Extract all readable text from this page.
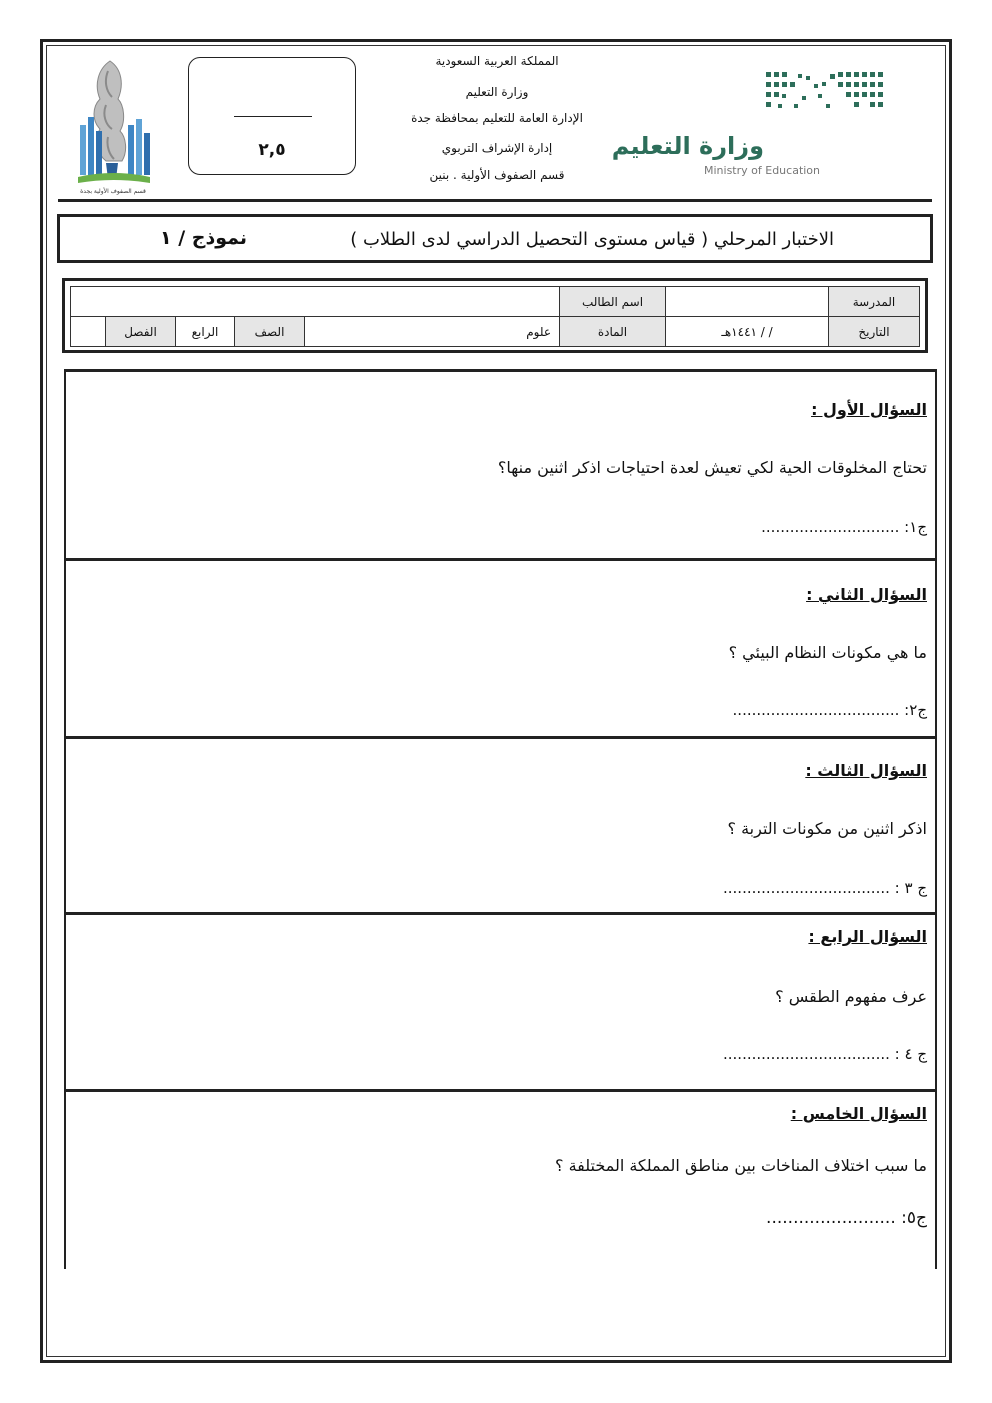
قسم الصفوف الأولية بجدة
٢,٥
المملكة العربية السعودية
وزارة التعليم
الإدارة العامة للتعليم بمحافظة جدة
إدارة الإشراف التربوي
قسم الصفوف الأولية . بنين
وزارة التعليم
Ministry of Education
الاختبار المرحلي ( قياس مستوى التحصيل الدراسي لدى الطلاب )
نموذج / ١
المدرسة		اسم الطالب					
التاريخ	/ / ١٤٤١هـ	المادة	علوم	الصف	الرابع	الفصل	
السؤال الأول :
تحتاج المخلوقات الحية لكي تعيش لعدة احتياجات اذكر اثنين منها؟
ج١: .............................
السؤال الثاني :
ما هي مكونات النظام البيئي ؟
ج٢: ...................................
السؤال الثالث :
اذكر اثنين من مكونات التربة ؟
ج ٣ : ...................................
السؤال الرابع :
عرف مفهوم الطقس ؟
ج ٤ : ...................................
السؤال الخامس :
ما سبب اختلاف المناخات بين مناطق المملكة المختلفة ؟
ج٥: ........................
